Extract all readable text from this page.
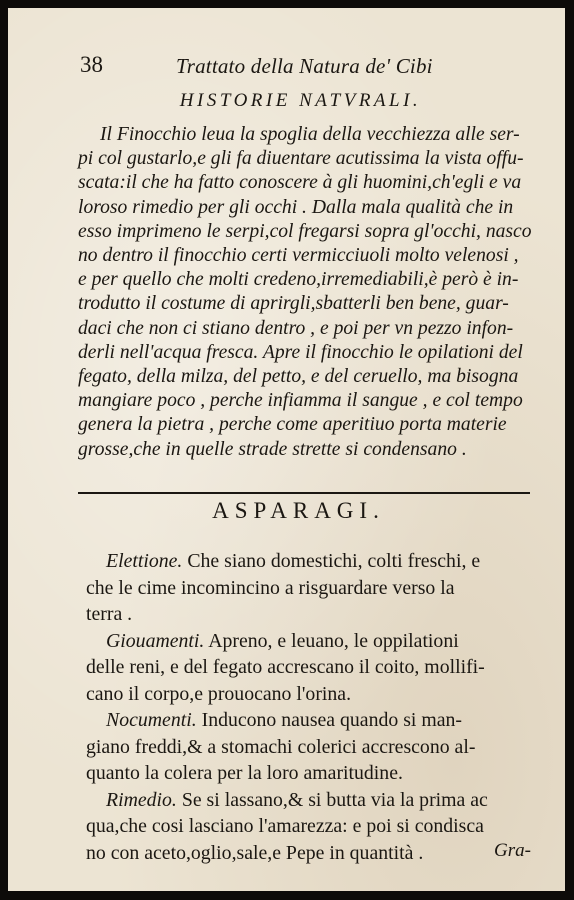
38	Trattato della Natura de' Cibi
HISTORIE NATVRALI.
Il Finocchio leua la spoglia della vecchiezza alle ser-
pi col gustarlo,e gli fa diuentare acutissima la vista offu-
scata:il che ha fatto conoscere à gli huomini,ch'egli e va
loroso rimedio per gli occhi . Dalla mala qualità che in
esso imprimeno le serpi,col fregarsi sopra gl'occhi, nasco
no dentro il finocchio certi vermicciuoli molto velenosi ,
e per quello che molti credeno,irremediabili,è però è in-
trodutto il costume di aprirgli,sbatterli ben bene, guar-
daci che non ci stiano dentro , e poi per vn pezzo infon-
derli nell'acqua fresca. Apre il finocchio le opilationi del
fegato, della milza, del petto, e del ceruello, ma bisogna
mangiare poco , perche infiamma il sangue , e col tempo
genera la pietra , perche come aperitiuo porta materie
grosse,che in quelle strade strette si condensano .
ASPARAGI.
Elettione. Che siano domestichi, colti freschi, e
che le cime incomincino a risguardare verso la
terra .
Giouamenti. Apreno, e leuano, le oppilationi
delle reni, e del fegato accrescano il coito, mollifi-
cano il corpo,e prouocano l'orina.
Nocumenti. Inducono nausea quando si man-
giano freddi,& a stomachi colerici accrescono al-
quanto la colera per la loro amaritudine.
Rimedio. Se si lassano,& si butta via la prima ac
qua,che cosi lasciano l'amarezza: e poi si condisca
no con aceto,oglio,sale,e Pepe in quantità .	Gra-
